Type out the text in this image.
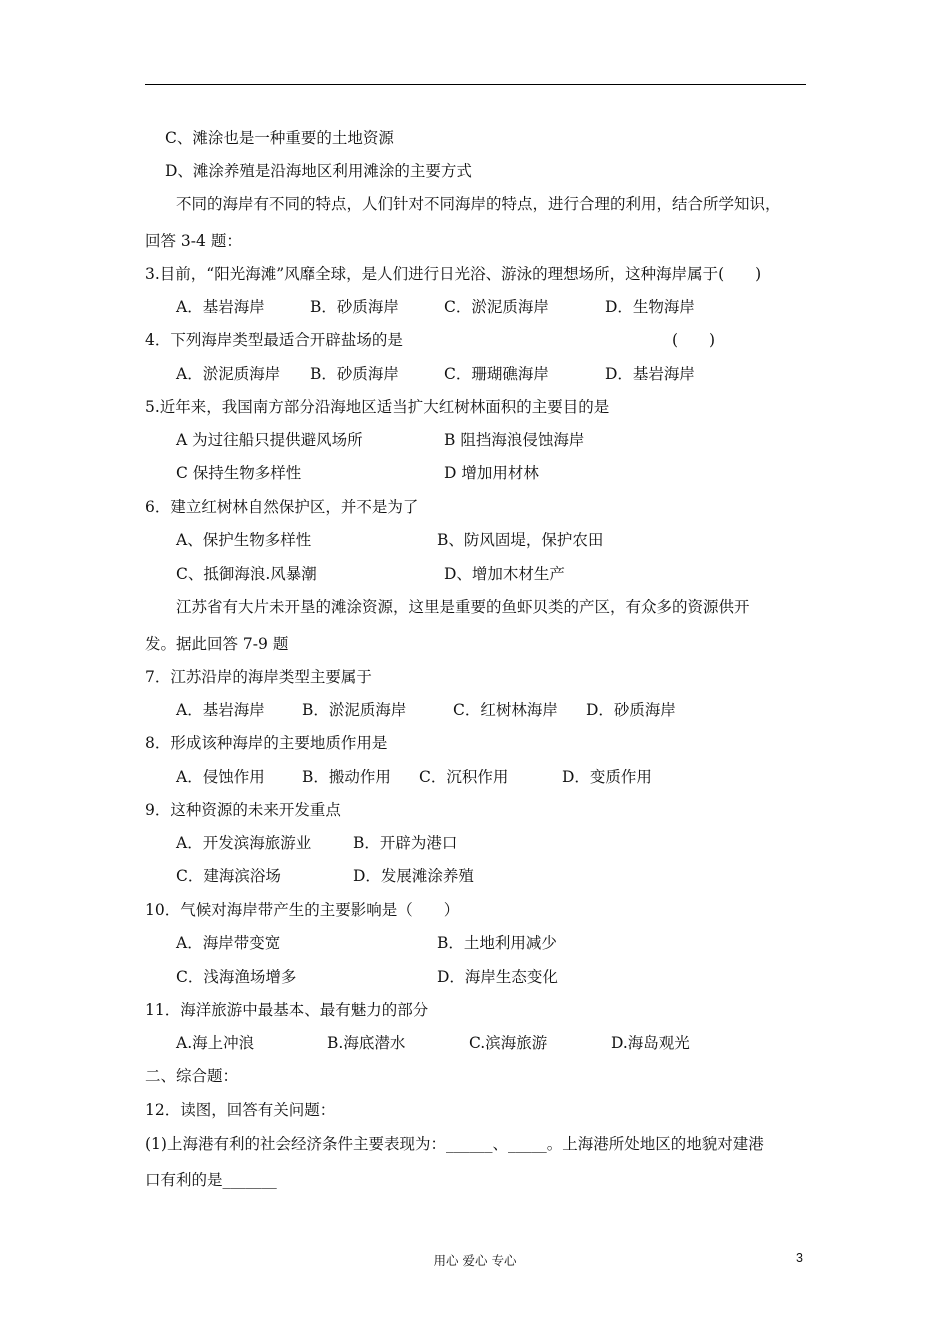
C、滩涂也是一种重要的土地资源
D、滩涂养殖是沿海地区利用滩涂的主要方式
不同的海岸有不同的特点，人们针对不同海岸的特点，进行合理的利用，结合所学知识，
回答 3-4 题：
3.目前，“阳光海滩”风靡全球，是人们进行日光浴、游泳的理想场所，这种海岸属于(　　)
A．基岩海岸	B．砂质海岸	C．淤泥质海岸	D．生物海岸
4．下列海岸类型最适合开辟盐场的是	(　　)
A．淤泥质海岸 B．砂质海岸	C．珊瑚礁海岸	D．基岩海岸
5.近年来，我国南方部分沿海地区适当扩大红树林面积的主要目的是
A 为过往船只提供避风场所	B 阻挡海浪侵蚀海岸
C 保持生物多样性	D 增加用材林
6．建立红树林自然保护区，并不是为了
A、保护生物多样性	B、防风固堤，保护农田
C、抵御海浪.风暴潮	D、增加木材生产
江苏省有大片未开垦的滩涂资源，这里是重要的鱼虾贝类的产区，有众多的资源供开
发。据此回答 7-9 题
7．江苏沿岸的海岸类型主要属于
A．基岩海岸 B．淤泥质海岸	C．红树林海岸 D．砂质海岸
8．形成该种海岸的主要地质作用是
A．侵蚀作用 B．搬动作用 C．沉积作用	D．变质作用
9．这种资源的未来开发重点
A．开发滨海旅游业	B．开辟为港口
C．建海滨浴场	D．发展滩涂养殖
10．气候对海岸带产生的主要影响是（　　）
A．海岸带变宽	B．土地利用减少
C．浅海渔场增多	D．海岸生态变化
11．海洋旅游中最基本、最有魅力的部分
A.海上冲浪	B.海底潜水	C.滨海旅游	D.海岛观光
二、综合题：
12．读图，回答有关问题：
(1)上海港有利的社会经济条件主要表现为：______、_____。上海港所处地区的地貌对建港
口有利的是_______
用心 爱心 专心	3
